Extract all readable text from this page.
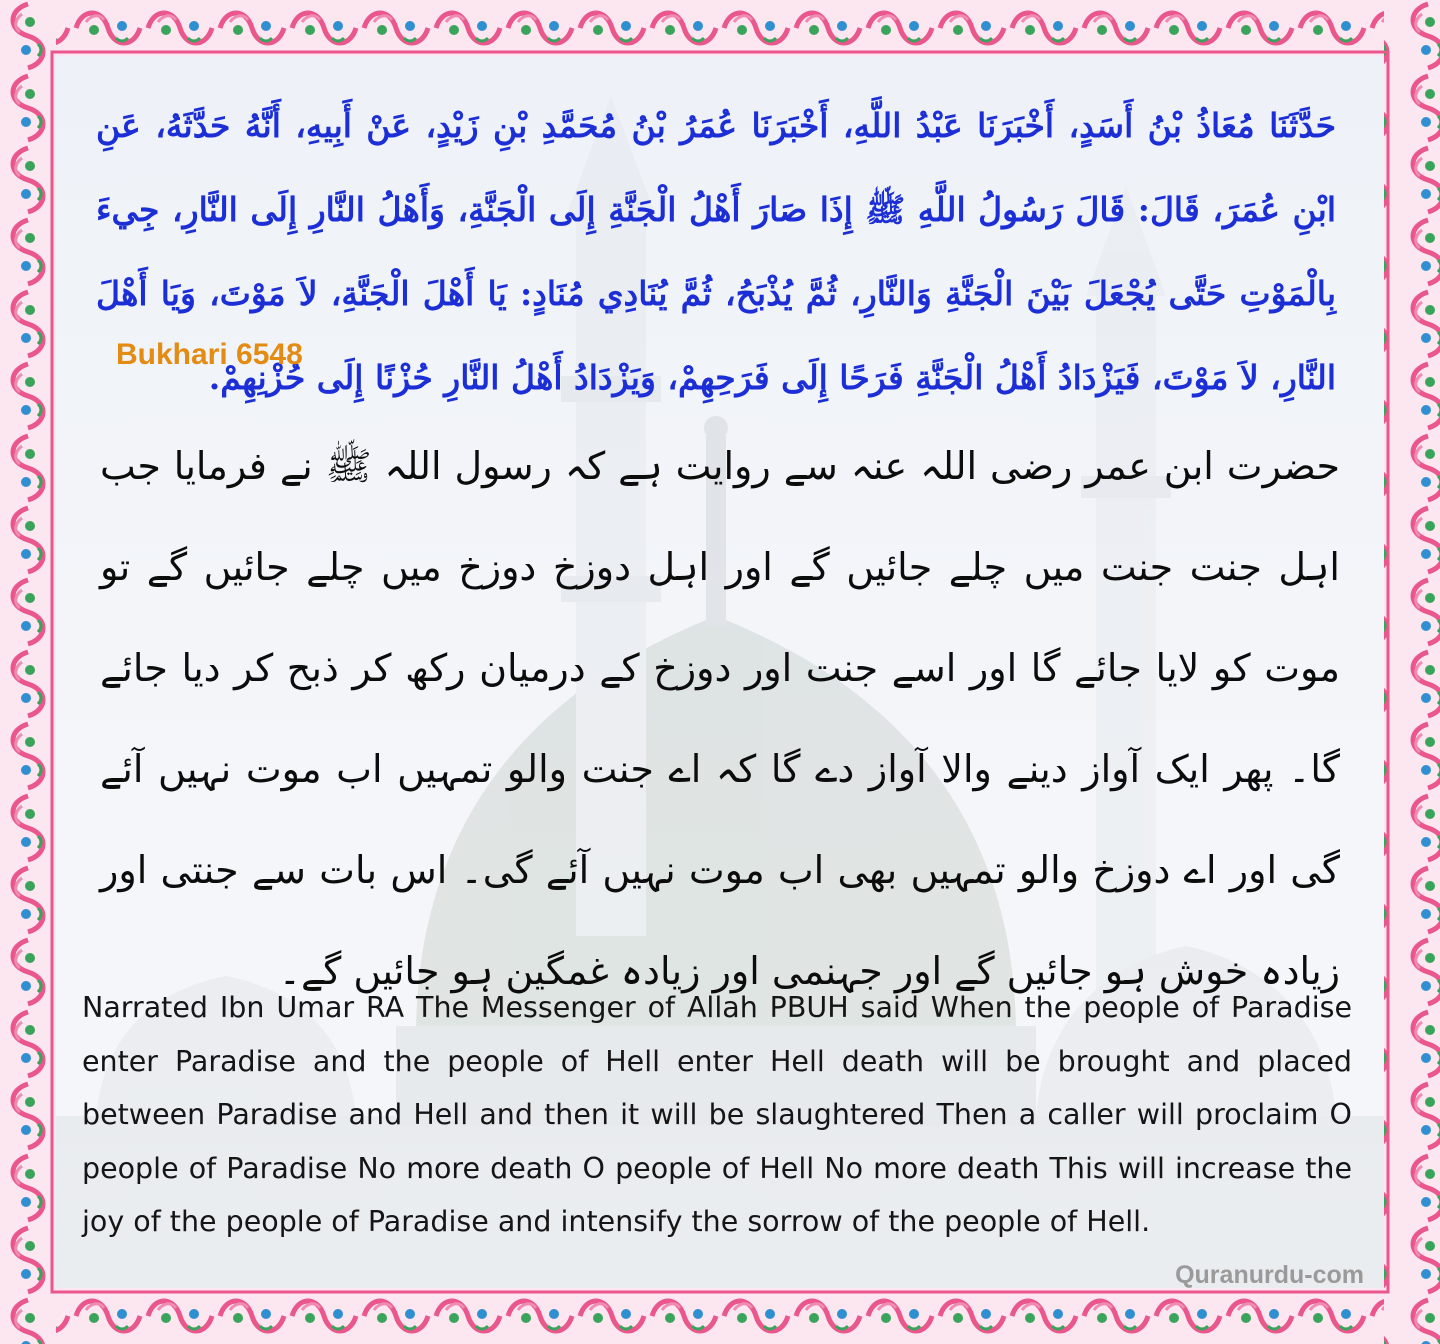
حَدَّثَنَا مُعَاذُ بْنُ أَسَدٍ، أَخْبَرَنَا عَبْدُ اللَّهِ، أَخْبَرَنَا عُمَرُ بْنُ مُحَمَّدِ بْنِ زَيْدٍ، عَنْ أَبِيهِ، أَنَّهُ حَدَّثَهُ، عَنِ ابْنِ عُمَرَ، قَالَ: قَالَ رَسُولُ اللَّهِ ﷺ إِذَا صَارَ أَهْلُ الْجَنَّةِ إِلَى الْجَنَّةِ، وَأَهْلُ النَّارِ إِلَى النَّارِ، جِيءَ بِالْمَوْتِ حَتَّى يُجْعَلَ بَيْنَ الْجَنَّةِ وَالنَّارِ، ثُمَّ يُذْبَحُ، ثُمَّ يُنَادِي مُنَادٍ: يَا أَهْلَ الْجَنَّةِ، لاَ مَوْتَ، وَيَا أَهْلَ النَّارِ، لاَ مَوْتَ، فَيَزْدَادُ أَهْلُ الْجَنَّةِ فَرَحًا إِلَى فَرَحِهِمْ، وَيَزْدَادُ أَهْلُ النَّارِ حُزْنًا إِلَى حُزْنِهِمْ.
Bukhari 6548
حضرت ابن عمر رضی اللہ عنہ سے روایت ہے کہ رسول اللہ ﷺ نے فرمایا جب اہل جنت جنت میں چلے جائیں گے اور اہل دوزخ دوزخ میں چلے جائیں گے تو موت کو لایا جائے گا اور اسے جنت اور دوزخ کے درمیان رکھ کر ذبح کر دیا جائے گا۔ پھر ایک آواز دینے والا آواز دے گا کہ اے جنت والو تمہیں اب موت نہیں آئے گی اور اے دوزخ والو تمہیں بھی اب موت نہیں آئے گی۔ اس بات سے جنتی اور زیادہ خوش ہو جائیں گے اور جہنمی اور زیادہ غمگین ہو جائیں گے۔
Narrated Ibn Umar RA The Messenger of Allah PBUH said When the people of Paradise enter Paradise and the people of Hell enter Hell death will be brought and placed between Paradise and Hell and then it will be slaughtered Then a caller will proclaim O people of Paradise No more death O people of Hell No more death This will increase the joy of the people of Paradise and intensify the sorrow of the people of Hell.
Quranurdu-com
